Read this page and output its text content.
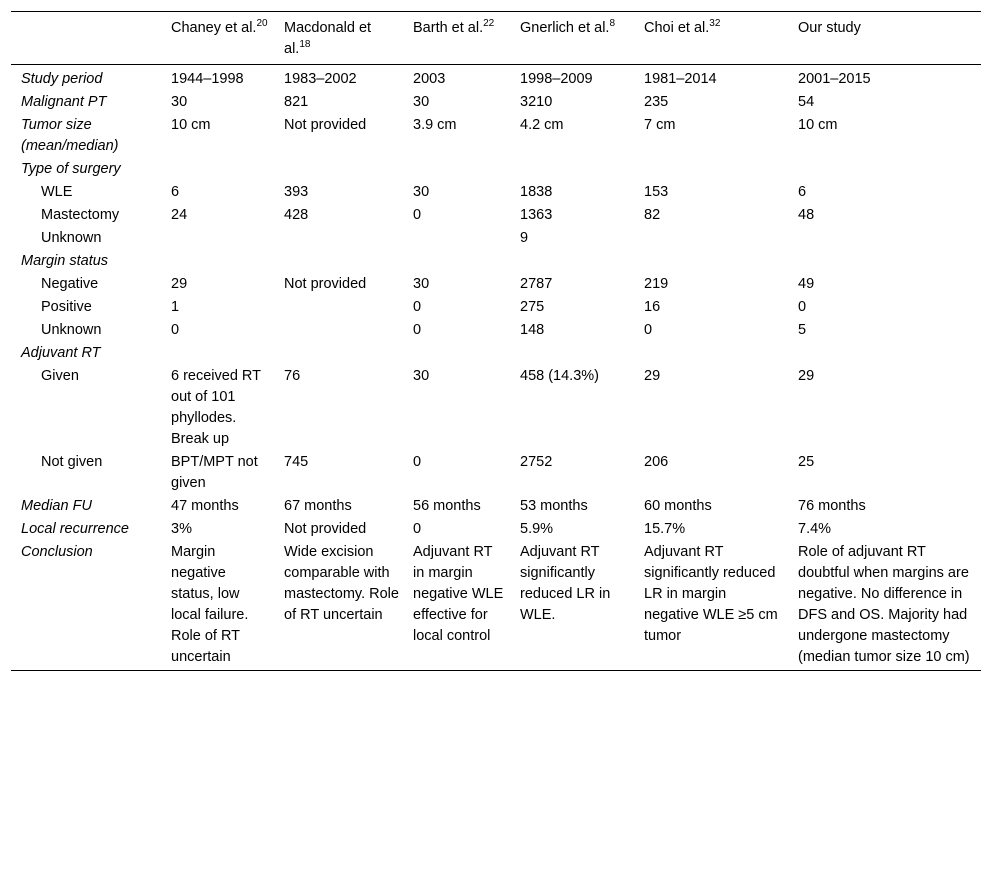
	Chaney et al.$^{20}$	Macdonald et al.$^{18}$	Barth et al.$^{22}$	Gnerlich et al.$^8$	Choi et al.$^{32}$	Our study
Study period	1944–1998	1983–2002	2003	1998–2009	1981–2014	2001–2015
Malignant PT	30	821	30	3210	235	54
Tumor size (mean/median)	10 cm	Not provided	3.9 cm	4.2 cm	7 cm	10 cm
Type of surgery						
WLE	6	393	30	1838	153	6
Mastectomy	24	428	0	1363	82	48
Unknown				9		
Margin status						
Negative	29	Not provided	30	2787	219	49
Positive	1		0	275	16	0
Unknown	0		0	148	0	5
Adjuvant RT						
Given	6 received RT out of 101 phyllodes. Break up	76	30	458 (14.3%)	29	29
Not given	BPT/MPT not given	745	0	2752	206	25
Median FU	47 months	67 months	56 months	53 months	60 months	76 months
Local recurrence	3%	Not provided	0	5.9%	15.7%	7.4%
Conclusion	Margin negative status, low local failure. Role of RT uncertain	Wide excision comparable with mastectomy. Role of RT uncertain	Adjuvant RT in margin negative WLE effective for local control	Adjuvant RT significantly reduced LR in WLE.	Adjuvant RT significantly reduced LR in margin negative WLE ≥5 cm tumor	Role of adjuvant RT doubtful when margins are negative. No difference in DFS and OS. Majority had undergone mastectomy (median tumor size 10 cm)
